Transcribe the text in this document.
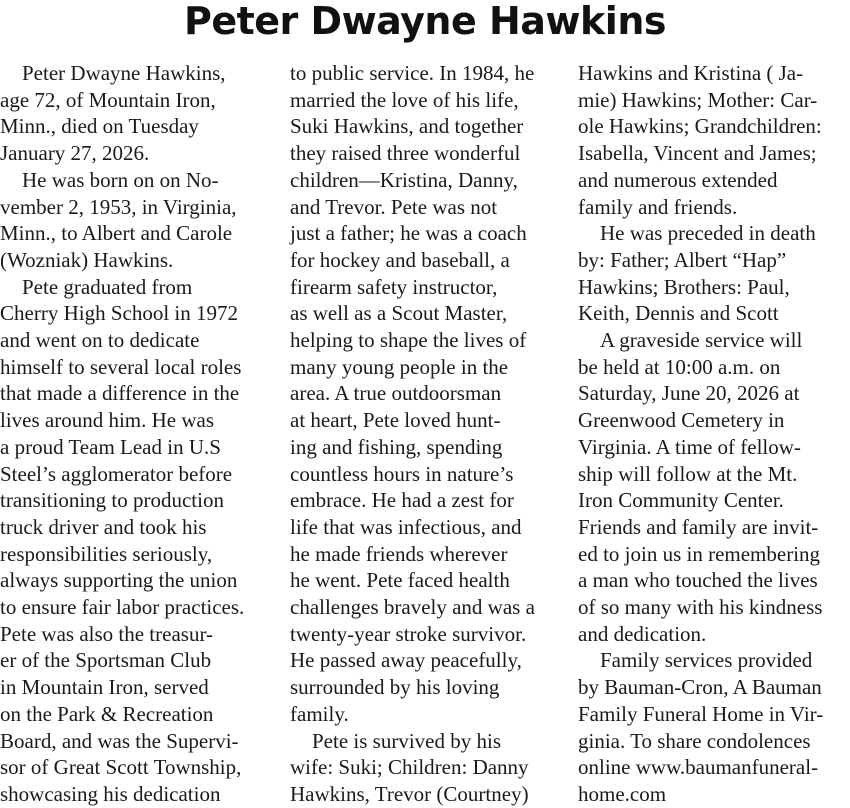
Peter Dwayne Hawkins
Peter Dwayne Hawkins,
age 72, of Mountain Iron,
Minn., died on Tuesday
January 27, 2026.
He was born on on No-
vember 2, 1953, in Virginia,
Minn., to Albert and Carole
(Wozniak) Hawkins.
Pete graduated from
Cherry High School in 1972
and went on to dedicate
himself to several local roles
that made a difference in the
lives around him. He was
a proud Team Lead in U.S
Steel’s agglomerator before
transitioning to production
truck driver and took his
responsibilities seriously,
always supporting the union
to ensure fair labor practices.
Pete was also the treasur-
er of the Sportsman Club
in Mountain Iron, served
on the Park & Recreation
Board, and was the Supervi-
sor of Great Scott Township,
showcasing his dedication
to public service. In 1984, he
married the love of his life,
Suki Hawkins, and together
they raised three wonderful
children—Kristina, Danny,
and Trevor. Pete was not
just a father; he was a coach
for hockey and baseball, a
firearm safety instructor,
as well as a Scout Master,
helping to shape the lives of
many young people in the
area. A true outdoorsman
at heart, Pete loved hunt-
ing and fishing, spending
countless hours in nature’s
embrace. He had a zest for
life that was infectious, and
he made friends wherever
he went. Pete faced health
challenges bravely and was a
twenty-year stroke survivor.
He passed away peacefully,
surrounded by his loving
family.
Pete is survived by his
wife: Suki; Children: Danny
Hawkins, Trevor (Courtney)
Hawkins and Kristina ( Ja-
mie) Hawkins; Mother: Car-
ole Hawkins; Grandchildren:
Isabella, Vincent and James;
and numerous extended
family and friends.
He was preceded in death
by: Father; Albert “Hap”
Hawkins; Brothers: Paul,
Keith, Dennis and Scott
A graveside service will
be held at 10:00 a.m. on
Saturday, June 20, 2026 at
Greenwood Cemetery in
Virginia. A time of fellow-
ship will follow at the Mt.
Iron Community Center.
Friends and family are invit-
ed to join us in remembering
a man who touched the lives
of so many with his kindness
and dedication.
Family services provided
by Bauman-Cron, A Bauman
Family Funeral Home in Vir-
ginia. To share condolences
online www.baumanfuneral-
home.com
